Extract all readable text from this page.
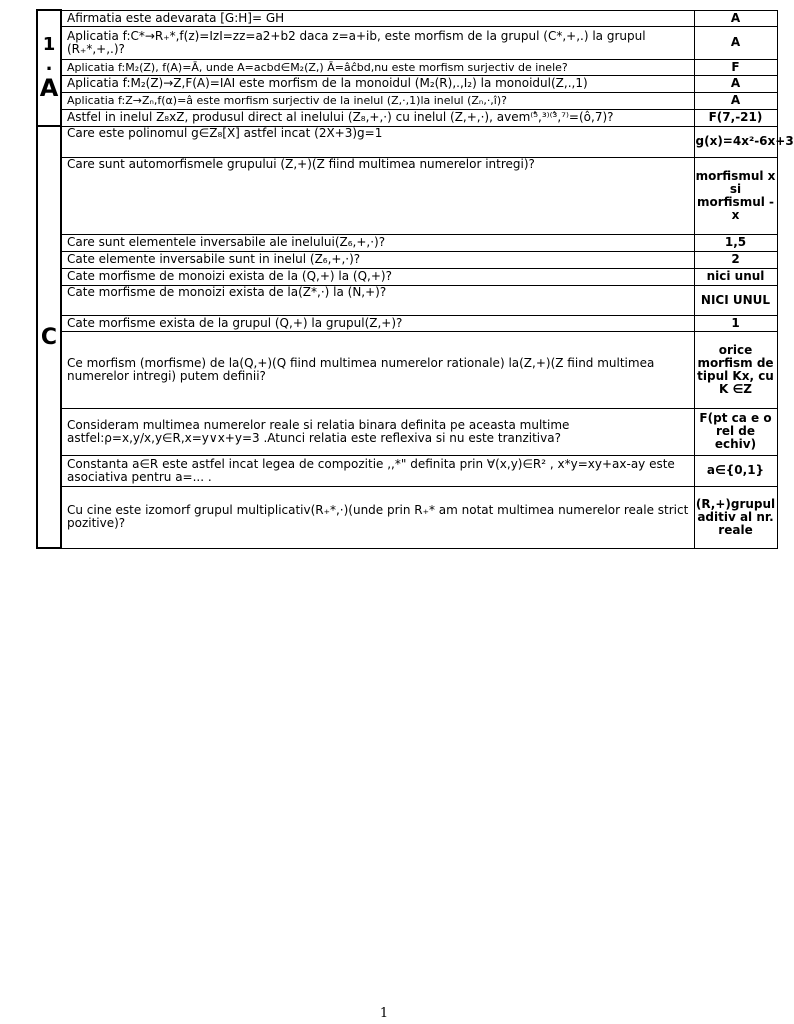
1
.
A	Afirmatia este adevarata [G:H]= GH	A
	Aplicatia f:C*→R₊*,f(z)=IzI=zz=a2+b2 daca z=a+ib, este morfism de la grupul (C*,+,.) la grupul (R₊*,+,.)?	A
	Aplicatia f:M₂(Z), f(A)=Ā, unde A=acbd∈M₂(Z,) Ā=âĉbd,nu este morfism surjectiv de inele?	F
	Aplicatia f:M₂(Z)→Z,F(A)=IAI este morfism de la monoidul (M₂(R),.,I₂) la monoidul(Z,.,1)	A
	Aplicatia f:Z→Zₙ,f(α)=â este morfism surjectiv de la inelul (Z,·,1)la inelul (Zₙ,·,î)?	A
	Astfel in inelul Z₈xZ, produsul direct al inelului (Z₈,+,·) cu inelul (Z,+,·), avem⁽⁵̂,³⁾⁽³̂,⁷⁾=(ô,7)?	F(7,-21)
C	Care este polinomul g∈Z₈[X] astfel incat (2X+3)g=1	g(x)=4x²-6x+3
	Care sunt automorfismele grupului (Z,+)(Z fiind multimea numerelor intregi)?	morfismul x si morfismul -x
	Care sunt elementele inversabile ale inelului(Z₆,+,·)?	1,5
	Cate elemente inversabile sunt in inelul (Z₆,+,·)?	2
	Cate morfisme de monoizi exista de la (Q,+) la (Q,+)?	nici unul
	Cate morfisme de monoizi exista de la(Z*,·) la (N,+)?	NICI UNUL
	Cate morfisme exista de la grupul (Q,+) la grupul(Z,+)?	1
	Ce morfism (morfisme) de la(Q,+)(Q fiind multimea numerelor rationale) la(Z,+)(Z fiind multimea numerelor intregi) putem definii?	orice morfism de tipul Kx, cu K ∈Z
	Consideram multimea numerelor reale si relatia binara definita pe aceasta multime astfel:ρ=x,y/x,y∈R,x=y∨x+y=3 .Atunci relatia este reflexiva si nu este tranzitiva?	F(pt ca e o rel de echiv)
	Constanta a∈R este astfel incat legea de compozitie ,,*" definita prin ∀(x,y)∈R² , x*y=xy+ax-ay este asociativa pentru a=... .	a∈{0,1}
	Cu cine este izomorf grupul multiplicativ(R₊*,·)(unde prin R₊* am notat multimea numerelor reale strict pozitive)?	(R,+)grupul aditiv al nr. reale
1
